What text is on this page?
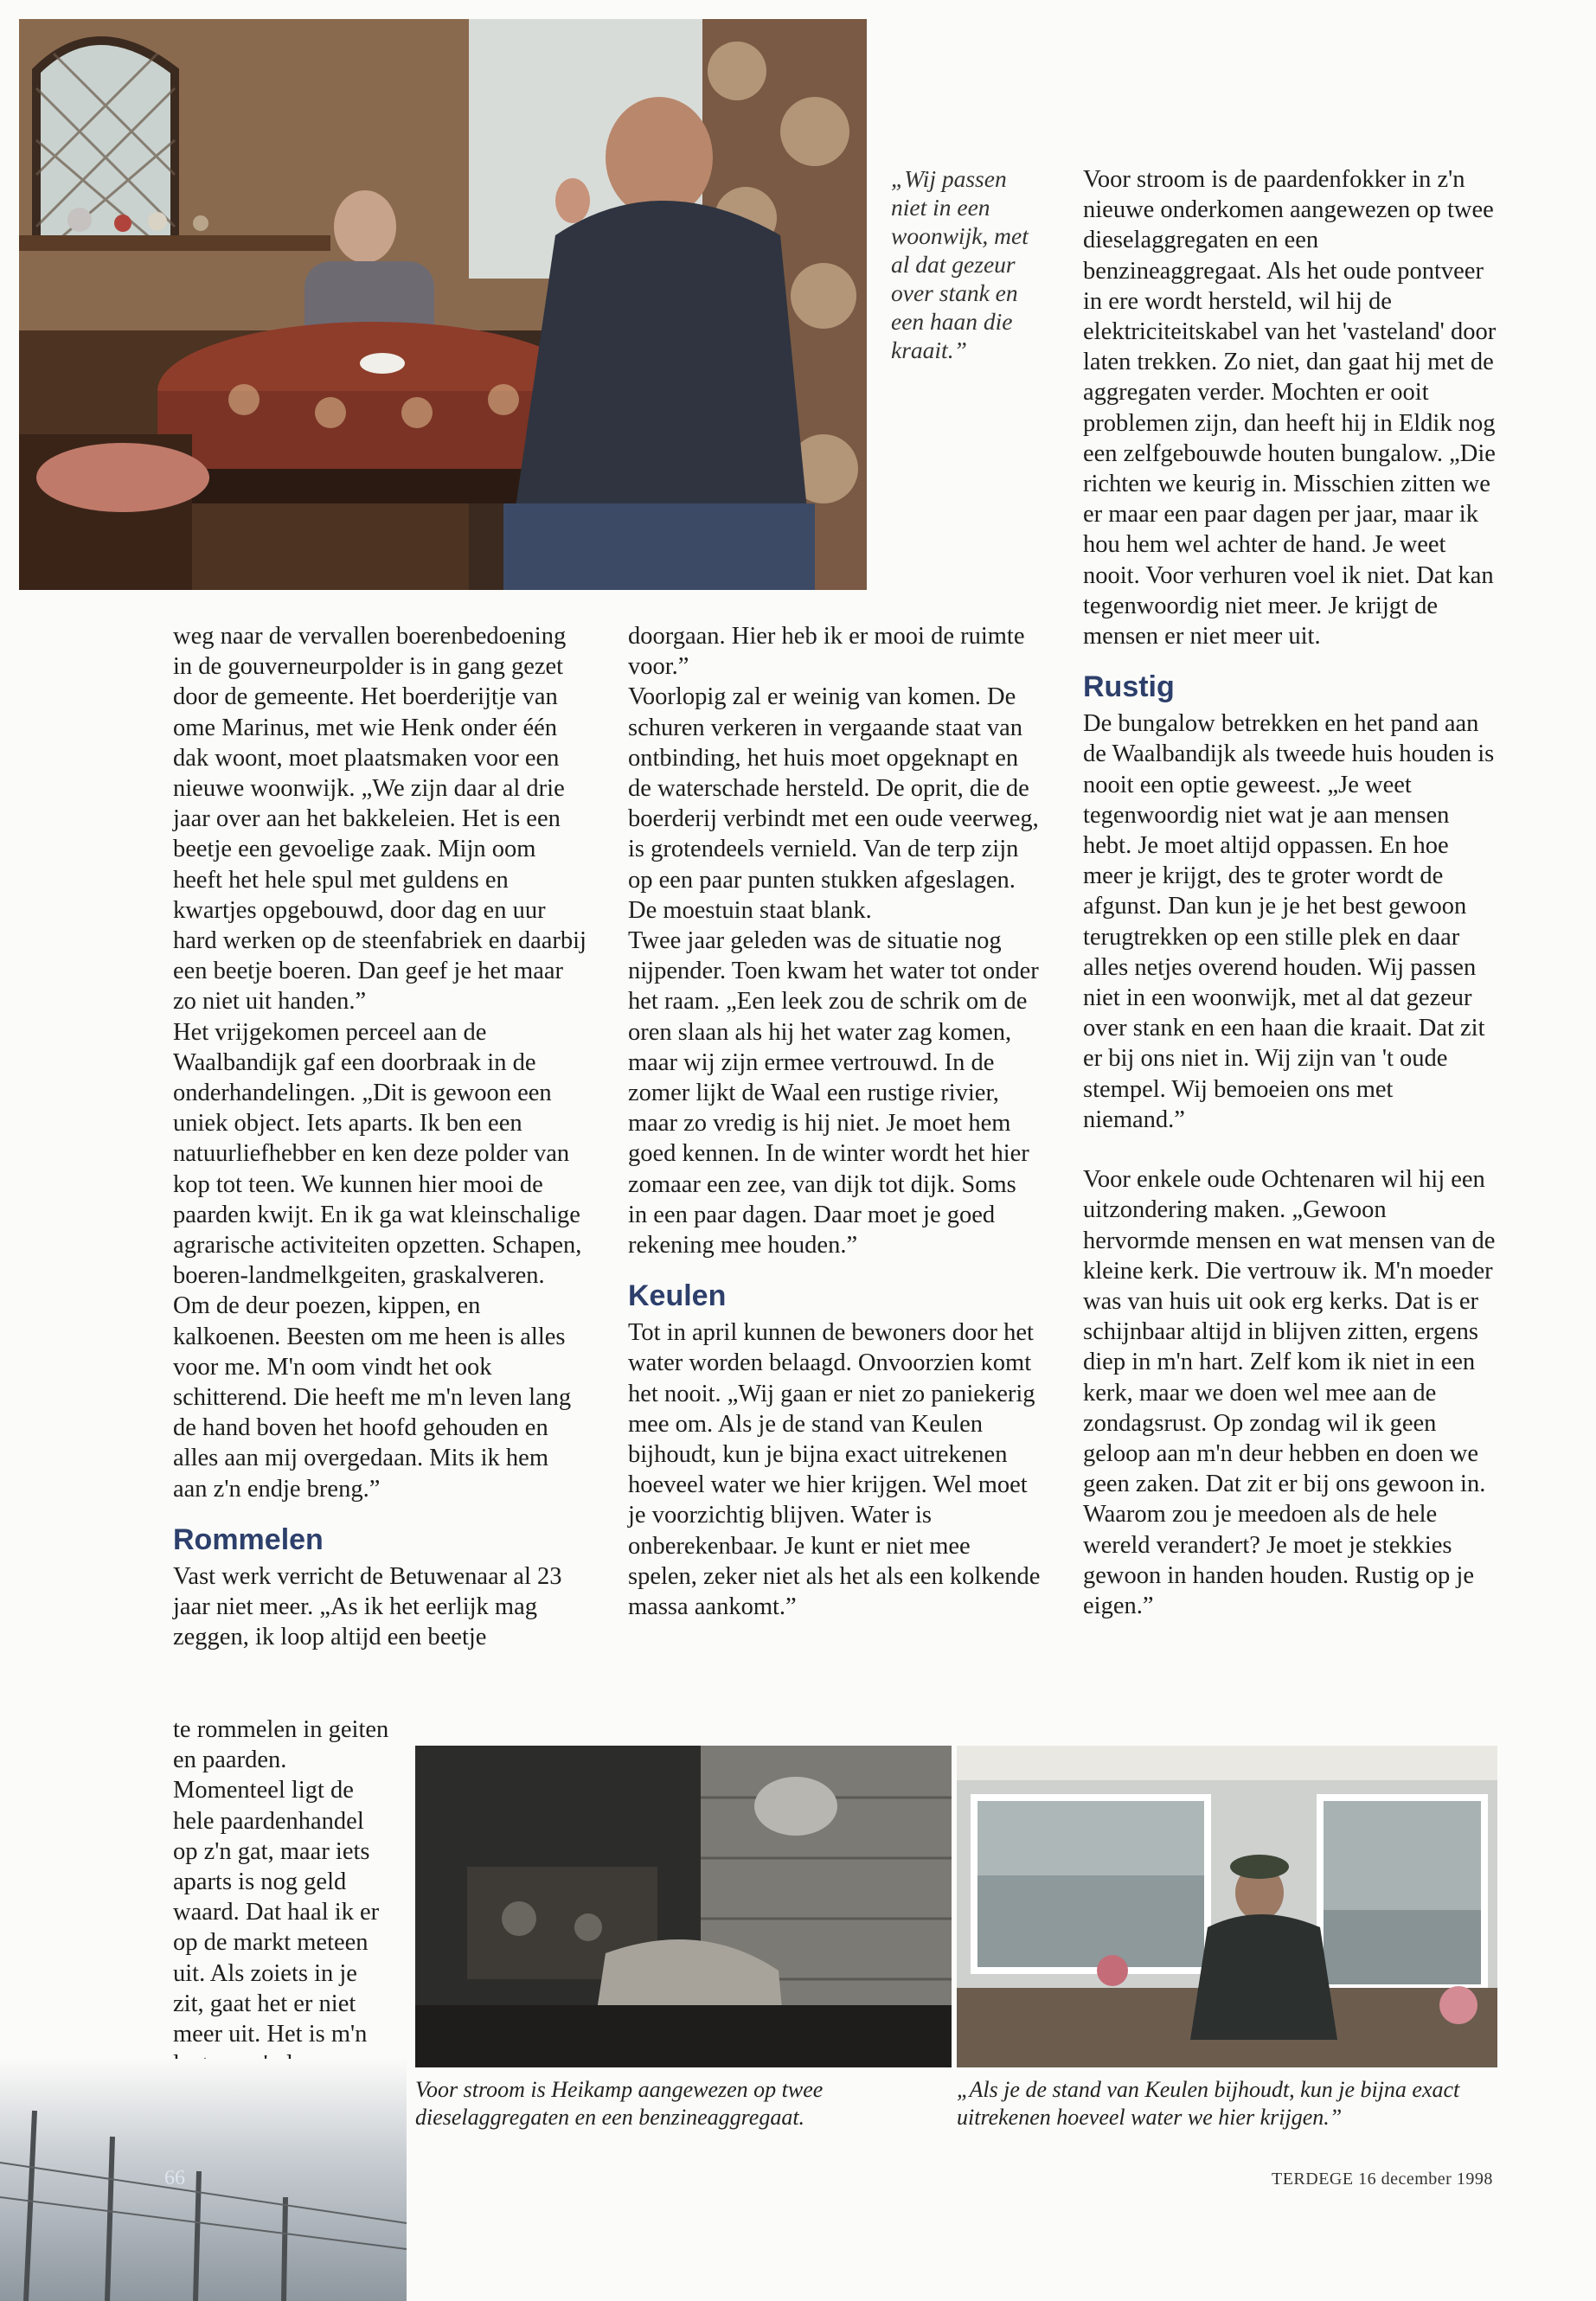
„Wij passen niet in een woonwijk, met al dat gezeur over stank en een haan die kraait.”

Voor stroom is de paardenfokker in z'n nieuwe onderkomen aangewezen op twee dieselaggregaten en een benzineaggregaat. Als het oude pontveer in ere wordt hersteld, wil hij de elektriciteitskabel van het 'vasteland' door laten trekken. Zo niet, dan gaat hij met de aggregaten verder. Mochten er ooit problemen zijn, dan heeft hij in Eldik nog een zelfgebouwde houten bungalow. „Die richten we keurig in. Misschien zitten we er maar een paar dagen per jaar, maar ik hou hem wel achter de hand. Je weet nooit. Voor verhuren voel ik niet. Dat kan tegenwoordig niet meer. Je krijgt de mensen er niet meer uit.

Rustig

De bungalow betrekken en het pand aan de Waalbandijk als tweede huis houden is nooit een optie geweest. „Je weet tegenwoordig niet wat je aan mensen hebt. Je moet altijd oppassen. En hoe meer je krijgt, des te groter wordt de afgunst. Dan kun je je het best gewoon terugtrekken op een stille plek en daar alles netjes overend houden. Wij passen niet in een woonwijk, met al dat gezeur over stank en een haan die kraait. Dat zit er bij ons niet in. Wij zijn van 't oude stempel. Wij bemoeien ons met niemand.”

Voor enkele oude Ochtenaren wil hij een uitzondering maken. „Gewoon hervormde mensen en wat mensen van de kleine kerk. Die vertrouw ik. M'n moeder was van huis uit ook erg kerks. Dat is er schijnbaar altijd in blijven zitten, ergens diep in m'n hart. Zelf kom ik niet in een kerk, maar we doen wel mee aan de zondagsrust. Op zondag wil ik geen geloop aan m'n deur hebben en doen we geen zaken. Dat zit er bij ons gewoon in. Waarom zou je meedoen als de hele wereld verandert? Je moet je stekkies gewoon in handen houden. Rustig op je eigen.”

weg naar de vervallen boerenbedoening in de gouverneurpolder is in gang gezet door de gemeente. Het boerderijtje van ome Marinus, met wie Henk onder één dak woont, moet plaatsmaken voor een nieuwe woonwijk. „We zijn daar al drie jaar over aan het bakkeleien. Het is een beetje een gevoelige zaak. Mijn oom heeft het hele spul met guldens en kwartjes opgebouwd, door dag en uur hard werken op de steenfabriek en daarbij een beetje boeren. Dan geef je het maar zo niet uit handen.”

Het vrijgekomen perceel aan de Waalbandijk gaf een doorbraak in de onderhandelingen. „Dit is gewoon een uniek object. Iets aparts. Ik ben een natuurliefhebber en ken deze polder van kop tot teen. We kunnen hier mooi de paarden kwijt. En ik ga wat kleinschalige agrarische activiteiten opzetten. Schapen, boeren-landmelkgeiten, graskalveren. Om de deur poezen, kippen, en kalkoenen. Beesten om me heen is alles voor me. M'n oom vindt het ook schitterend. Die heeft me m'n leven lang de hand boven het hoofd gehouden en alles aan mij overgedaan. Mits ik hem aan z'n endje breng.”

Rommelen

Vast werk verricht de Betuwenaar al 23 jaar niet meer. „As ik het eerlijk mag zeggen, ik loop altijd een beetje

te rommelen in geiten en paarden. Momenteel ligt de hele paardenhandel op z'n gat, maar iets aparts is nog geld waard. Dat haal ik er op de markt meteen uit. Als zoiets in je zit, gaat het er niet meer uit. Het is m'n

doorgaan. Hier heb ik er mooi de ruimte voor.”

Voorlopig zal er weinig van komen. De schuren verkeren in vergaande staat van ontbinding, het huis moet opgeknapt en de waterschade hersteld. De oprit, die de boerderij verbindt met een oude veerweg, is grotendeels vernield. Van de terp zijn op een paar punten stukken afgeslagen. De moestuin staat blank.

Twee jaar geleden was de situatie nog nijpender. Toen kwam het water tot onder het raam. „Een leek zou de schrik om de oren slaan als hij het water zag komen, maar wij zijn ermee vertrouwd. In de zomer lijkt de Waal een rustige rivier, maar zo vredig is hij niet. Je moet hem goed kennen. In de winter wordt het hier zomaar een zee, van dijk tot dijk. Soms in een paar dagen. Daar moet je goed rekening mee houden.”

Keulen

Tot in april kunnen de bewoners door het water worden belaagd. Onvoorzien komt het nooit. „Wij gaan er niet zo paniekerig mee om. Als je de stand van Keulen bijhoudt, kun je bijna exact uitrekenen hoeveel water we hier krijgen. Wel moet je voorzichtig blijven. Water is onberekenbaar. Je kunt er niet mee spelen, zeker niet als het als een kolkende massa aankomt.”

Voor stroom is Heikamp aangewezen op twee dieselaggregaten en een benzineaggregaat.
„Als je de stand van Keulen bijhoudt, kun je bijna exact uitrekenen hoeveel water we hier krijgen.”
66	TERDEGE 16 december 1998
